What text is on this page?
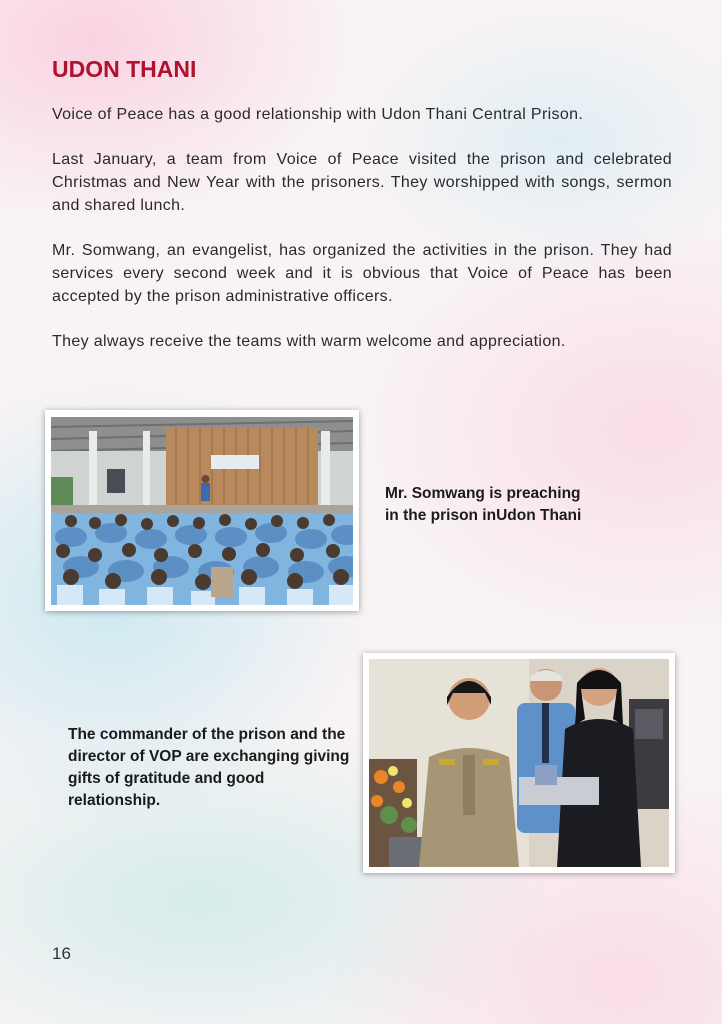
UDON THANI

Voice of Peace has a good relationship with Udon Thani Central Prison.

Last January, a team from Voice of Peace visited the prison and celebrated Christmas and New Year with the prisoners. They worshipped with songs, sermon and shared lunch.

Mr. Somwang, an evangelist, has organized the activities in the prison. They had services every second week and it is obvious that Voice of Peace has been accepted by the prison administrative officers.

They always receive the teams with warm welcome and appreciation.

Mr. Somwang is preaching
in the prison inUdon Thani
The commander of the prison and the director of VOP are exchanging giving gifts of gratitude and good relationship.
16
